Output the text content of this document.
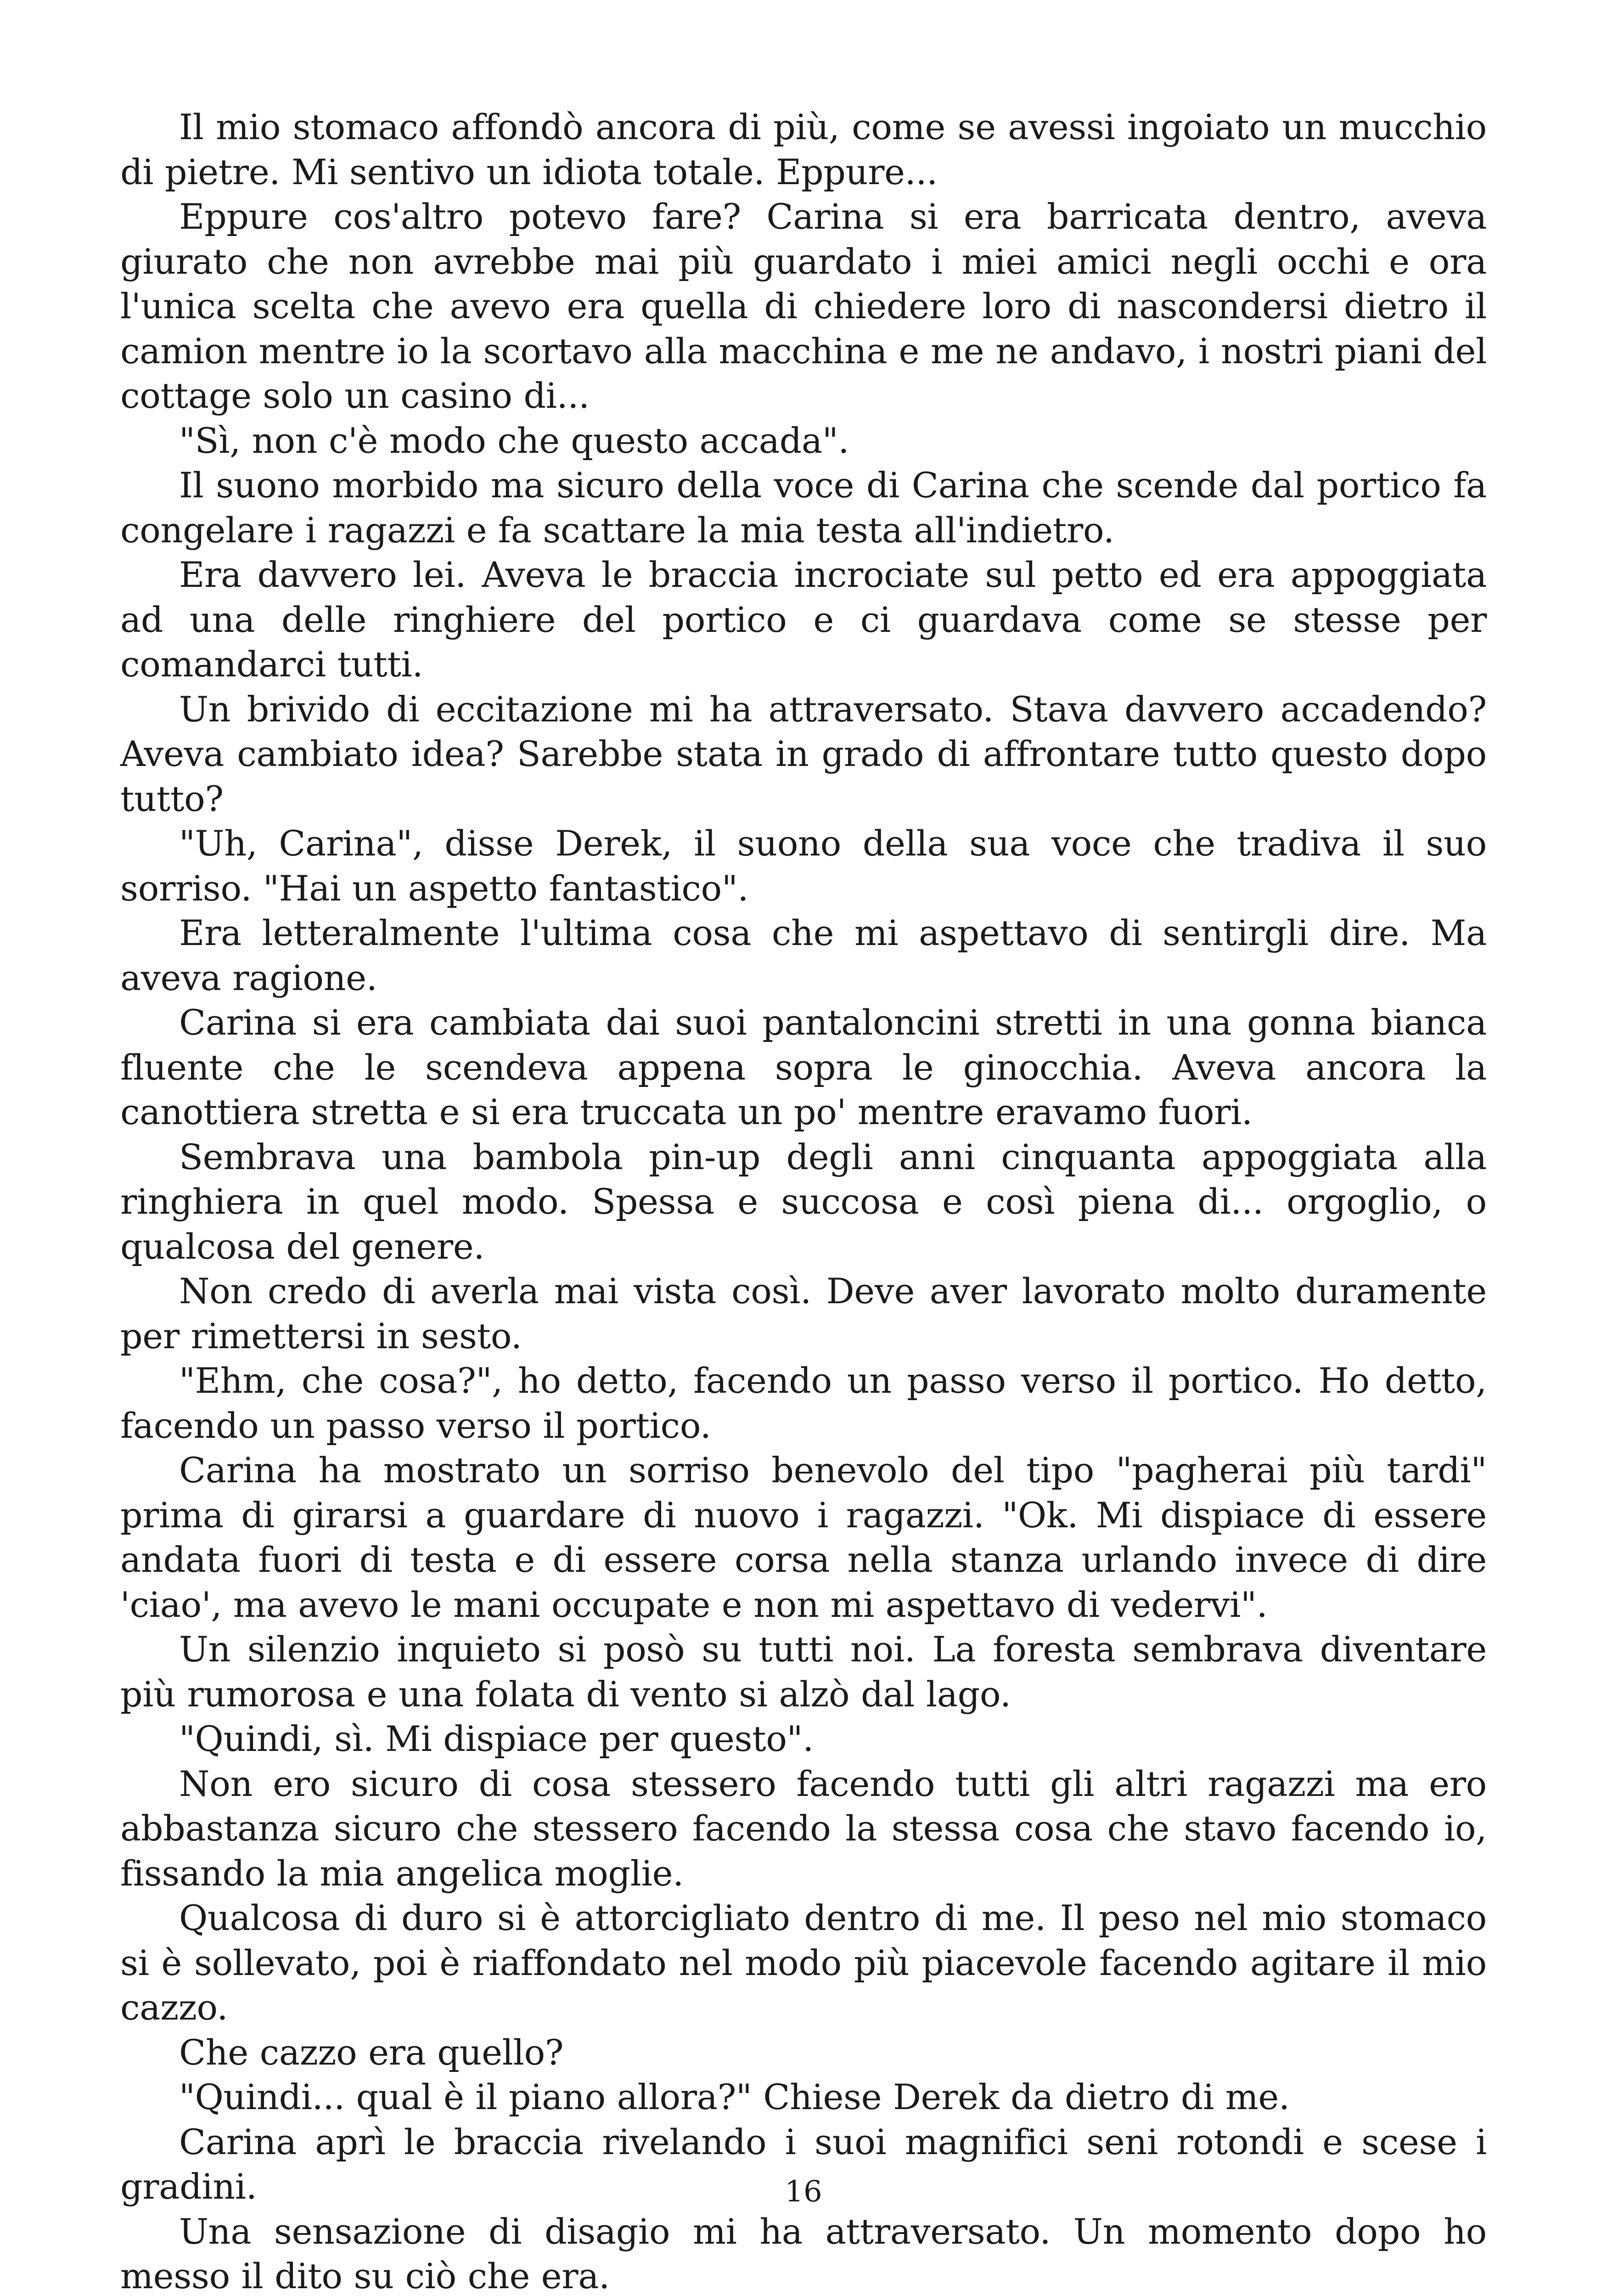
Il mio stomaco affondò ancora di più, come se avessi ingoiato un mucchio di pietre. Mi sentivo un idiota totale. Eppure...

Eppure cos'altro potevo fare? Carina si era barricata dentro, aveva giurato che non avrebbe mai più guardato i miei amici negli occhi e ora l'unica scelta che avevo era quella di chiedere loro di nascondersi dietro il camion mentre io la scortavo alla macchina e me ne andavo, i nostri piani del cottage solo un casino di...

"Sì, non c'è modo che questo accada".

Il suono morbido ma sicuro della voce di Carina che scende dal portico fa congelare i ragazzi e fa scattare la mia testa all'indietro.

Era davvero lei. Aveva le braccia incrociate sul petto ed era appoggiata ad una delle ringhiere del portico e ci guardava come se stesse per comandarci tutti.

Un brivido di eccitazione mi ha attraversato. Stava davvero accadendo? Aveva cambiato idea? Sarebbe stata in grado di affrontare tutto questo dopo tutto?

"Uh, Carina", disse Derek, il suono della sua voce che tradiva il suo sorriso. "Hai un aspetto fantastico".

Era letteralmente l'ultima cosa che mi aspettavo di sentirgli dire. Ma aveva ragione.

Carina si era cambiata dai suoi pantaloncini stretti in una gonna bianca fluente che le scendeva appena sopra le ginocchia. Aveva ancora la canottiera stretta e si era truccata un po' mentre eravamo fuori.

Sembrava una bambola pin-up degli anni cinquanta appoggiata alla ringhiera in quel modo. Spessa e succosa e così piena di... orgoglio, o qualcosa del genere.

Non credo di averla mai vista così. Deve aver lavorato molto duramente per rimettersi in sesto.

"Ehm, che cosa?", ho detto, facendo un passo verso il portico. Ho detto, facendo un passo verso il portico.

Carina ha mostrato un sorriso benevolo del tipo "pagherai più tardi" prima di girarsi a guardare di nuovo i ragazzi. "Ok. Mi dispiace di essere andata fuori di testa e di essere corsa nella stanza urlando invece di dire 'ciao', ma avevo le mani occupate e non mi aspettavo di vedervi".

Un silenzio inquieto si posò su tutti noi. La foresta sembrava diventare più rumorosa e una folata di vento si alzò dal lago.

"Quindi, sì. Mi dispiace per questo".

Non ero sicuro di cosa stessero facendo tutti gli altri ragazzi ma ero abbastanza sicuro che stessero facendo la stessa cosa che stavo facendo io, fissando la mia angelica moglie.

Qualcosa di duro si è attorcigliato dentro di me. Il peso nel mio stomaco si è sollevato, poi è riaffondato nel modo più piacevole facendo agitare il mio cazzo.

Che cazzo era quello?

"Quindi... qual è il piano allora?" Chiese Derek da dietro di me.

Carina aprì le braccia rivelando i suoi magnifici seni rotondi e scese i gradini.

Una sensazione di disagio mi ha attraversato. Un momento dopo ho messo il dito su ciò che era.

16
